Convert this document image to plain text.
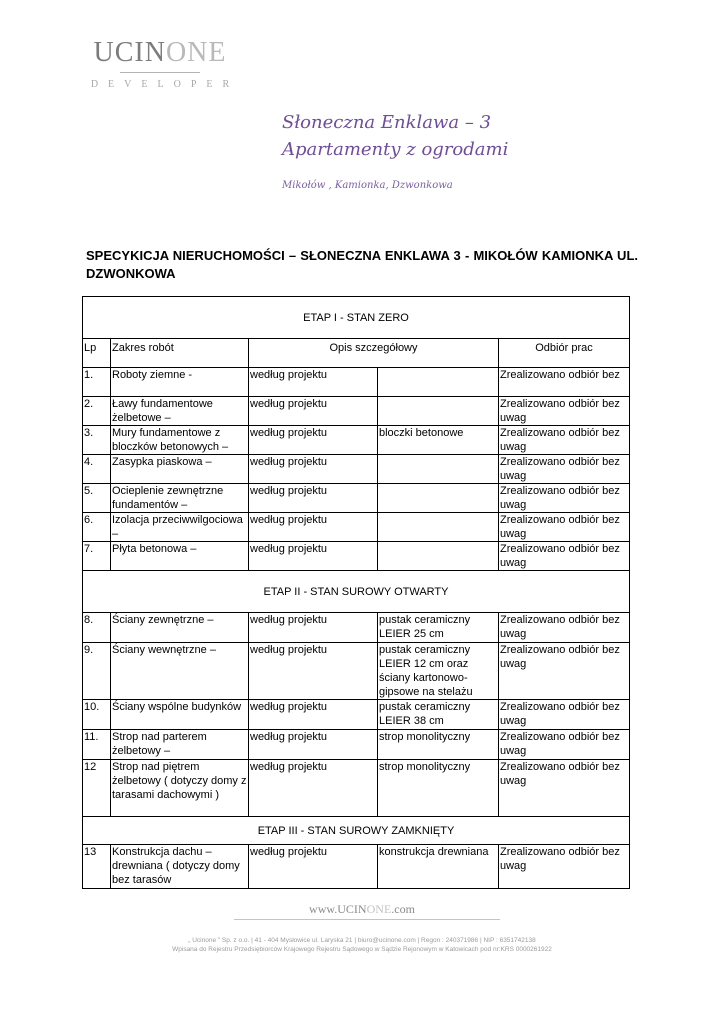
UCINONE
DEVELOPER
Słoneczna Enklawa – 3
Apartamenty z ogrodami
Mikołów , Kamionka, Dzwonkowa
SPECYKICJA NIERUCHOMOŚCI – SŁONECZNA ENKLAWA 3 - MIKOŁÓW KAMIONKA UL. DZWONKOWA
ETAP I - STAN ZERO				
Lp	Zakres robót	Opis szczegółowy		Odbiór prac
1.	Roboty ziemne -	według projektu		Zrealizowano odbiór bez
2.	Ławy fundamentowe żelbetowe –	według projektu		Zrealizowano odbiór bez uwag
3.	Mury fundamentowe z bloczków betonowych –	według projektu	bloczki betonowe	Zrealizowano odbiór bez uwag
4.	Zasypka piaskowa –	według projektu		Zrealizowano odbiór bez uwag
5.	Ocieplenie zewnętrzne fundamentów –	według projektu		Zrealizowano odbiór bez uwag
6.	Izolacja przeciwwilgociowa –	według projektu		Zrealizowano odbiór bez uwag
7.	Płyta betonowa –	według projektu		Zrealizowano odbiór bez uwag
ETAP II - STAN SUROWY OTWARTY				
8.	Ściany zewnętrzne –	według projektu	pustak ceramiczny LEIER 25 cm	Zrealizowano odbiór bez uwag
9.	Ściany wewnętrzne –	według projektu	pustak ceramiczny LEIER 12 cm oraz ściany kartonowo-gipsowe na stelażu	Zrealizowano odbiór bez uwag
10.	Ściany wspólne budynków	według projektu	pustak ceramiczny LEIER 38 cm	Zrealizowano odbiór bez uwag
11.	Strop nad parterem żelbetowy –	według projektu	strop monolityczny	Zrealizowano odbiór bez uwag
12	Strop nad piętrem żelbetowy ( dotyczy domy z tarasami dachowymi )	według projektu	strop monolityczny	Zrealizowano odbiór bez uwag
ETAP III - STAN SUROWY ZAMKNIĘTY				
13	Konstrukcja dachu – drewniana ( dotyczy domy bez tarasów	według projektu	konstrukcja drewniana	Zrealizowano odbiór bez uwag
www.UCINONE.com
„ Ucinone ” Sp. z o.o. | 41 - 404 Mysłowice ul. Laryska 21 | biuro@ucinone.com | Regon : 240371986 | NIP : 6351742138
Wpisana do Rejestru Przedsiębiorców Krajowego Rejestru Sądowego w Sądzie Rejonowym w Katowicach pod nr:KRS 0000261922
